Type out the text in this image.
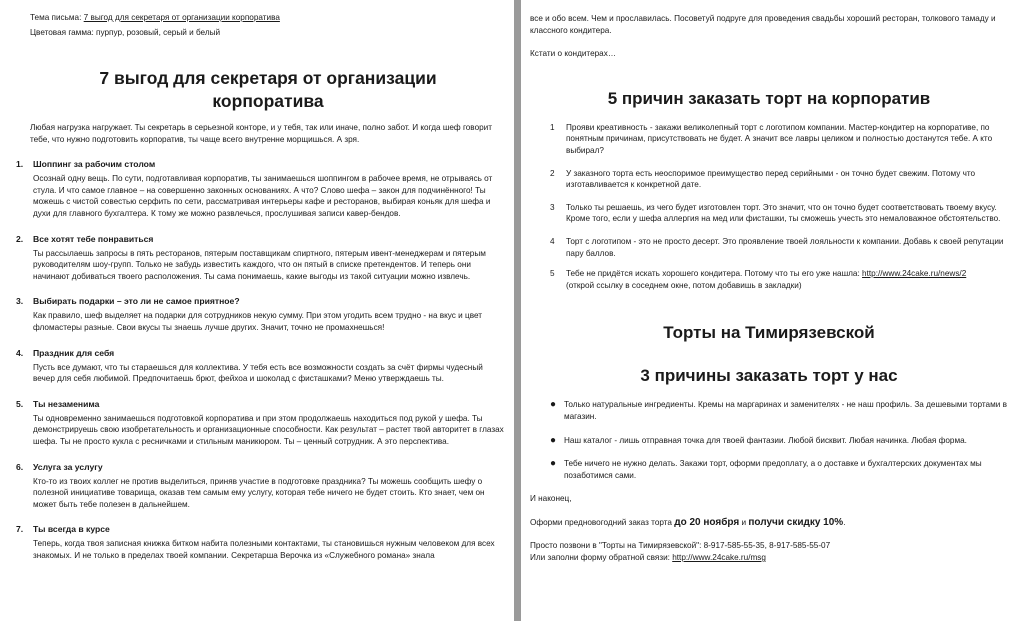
Тема письма: 7 выгод для секретаря от организации корпоратива
Цветовая гамма: пурпур, розовый, серый и белый
7 выгод для секретаря от организации корпоратива
Любая нагрузка нагружает. Ты секретарь в серьезной конторе, и у тебя, так или иначе, полно забот. И когда шеф говорит тебе, что нужно подготовить корпоратив, ты чаще всего внутренне морщишься. А зря.
1.	Шоппинг за рабочим столом
Осознай одну вещь. По сути, подготавливая корпоратив, ты занимаешься шоппингом в рабочее время, не отрываясь от стула. И что самое главное – на совершенно законных основаниях. А что? Слово шефа – закон для подчинённого! Ты можешь с чистой совестью серфить по сети, рассматривая интерьеры кафе и ресторанов, выбирая коньяк для шефа и духи для главного бухгалтера. К тому же можно развлечься, прослушивая записи кавер-бендов.
2.	Все хотят тебе понравиться
Ты рассылаешь запросы в пять ресторанов, пятерым поставщикам спиртного, пятерым ивент-менеджерам и пятерым руководителям шоу-групп. Только не забудь известить каждого, что он пятый в списке претендентов. И теперь они начинают добиваться твоего расположения. Ты сама понимаешь, какие выгоды из такой ситуации можно извлечь.
3.	Выбирать подарки – это ли не самое приятное?
Как правило, шеф выделяет на подарки для сотрудников некую сумму. При этом угодить всем трудно - на вкус и цвет фломастеры разные. Свои вкусы ты знаешь лучше других. Значит, точно не промахнешься!
4.	Праздник для себя
Пусть все думают, что ты стараешься для коллектива. У тебя есть все возможности создать за счёт фирмы чудесный вечер для себя любимой. Предпочитаешь брют, фейхоа и шоколад с фисташками? Меню утверждаешь ты.
5.	Ты незаменима
Ты одновременно занимаешься подготовкой корпоратива и при этом продолжаешь находиться под рукой у шефа. Ты демонстрируешь свою изобретательность и организационные способности. Как результат – растет твой авторитет в глазах шефа. Ты не просто кукла с ресничками и стильным маникюром. Ты – ценный сотрудник. А это перспектива.
6.	Услуга за услугу
Кто-то из твоих коллег не против выделиться, приняв участие в подготовке праздника? Ты можешь сообщить шефу о полезной инициативе товарища, оказав тем самым ему услугу, которая тебе ничего не будет стоить. Кто знает, чем он может быть тебе полезен в дальнейшем.
7.	Ты всегда в курсе
Теперь, когда твоя записная книжка битком набита полезными контактами, ты становишься нужным человеком для всех знакомых. И не только в пределах твоей компании. Секретарша Верочка из «Служебного романа» знала
все и обо всем. Чем и прославилась. Посоветуй подруге для проведения свадьбы хороший ресторан, толкового тамаду и классного кондитера.
Кстати о кондитерах…
5 причин заказать торт на корпоратив
1	Прояви креативность - закажи великолепный торт с логотипом компании. Мастер-кондитер на корпоративе, по понятным причинам, присутствовать не будет. А значит все лавры целиком и полностью достанутся тебе. А кто выбирал?
2	У заказного торта есть неоспоримое преимущество перед серийными - он точно будет свежим. Потому что изготавливается к конкретной дате.
3	Только ты решаешь, из чего будет изготовлен торт. Это значит, что он точно будет соответствовать твоему вкусу. Кроме того, если у шефа аллергия на мед или фисташки, ты сможешь учесть это немаловажное обстоятельство.
4	Торт с логотипом - это не просто десерт. Это проявление твоей лояльности к компании. Добавь к своей репутации пару баллов.
5	Тебе не придётся искать хорошего кондитера. Потому что ты его уже нашла: http://www.24cake.ru/news/2
(открой ссылку в соседнем окне, потом добавишь в закладки)
Торты на Тимирязевской
3 причины заказать торт у нас
● Только натуральные ингредиенты. Кремы на маргаринах и заменителях - не наш профиль. За дешевыми тортами в магазин.
● Наш каталог - лишь отправная точка для твоей фантазии. Любой бисквит. Любая начинка. Любая форма.
● Тебе ничего не нужно делать. Закажи торт, оформи предоплату, а о доставке и бухгалтерских документах мы позаботимся сами.
И наконец,
Оформи предновогодний заказ торта до 20 ноября и получи скидку 10%.
Просто позвони в "Торты на Тимирязевской": 8-917-585-55-35, 8-917-585-55-07
Или заполни форму обратной связи: http://www.24cake.ru/msg
